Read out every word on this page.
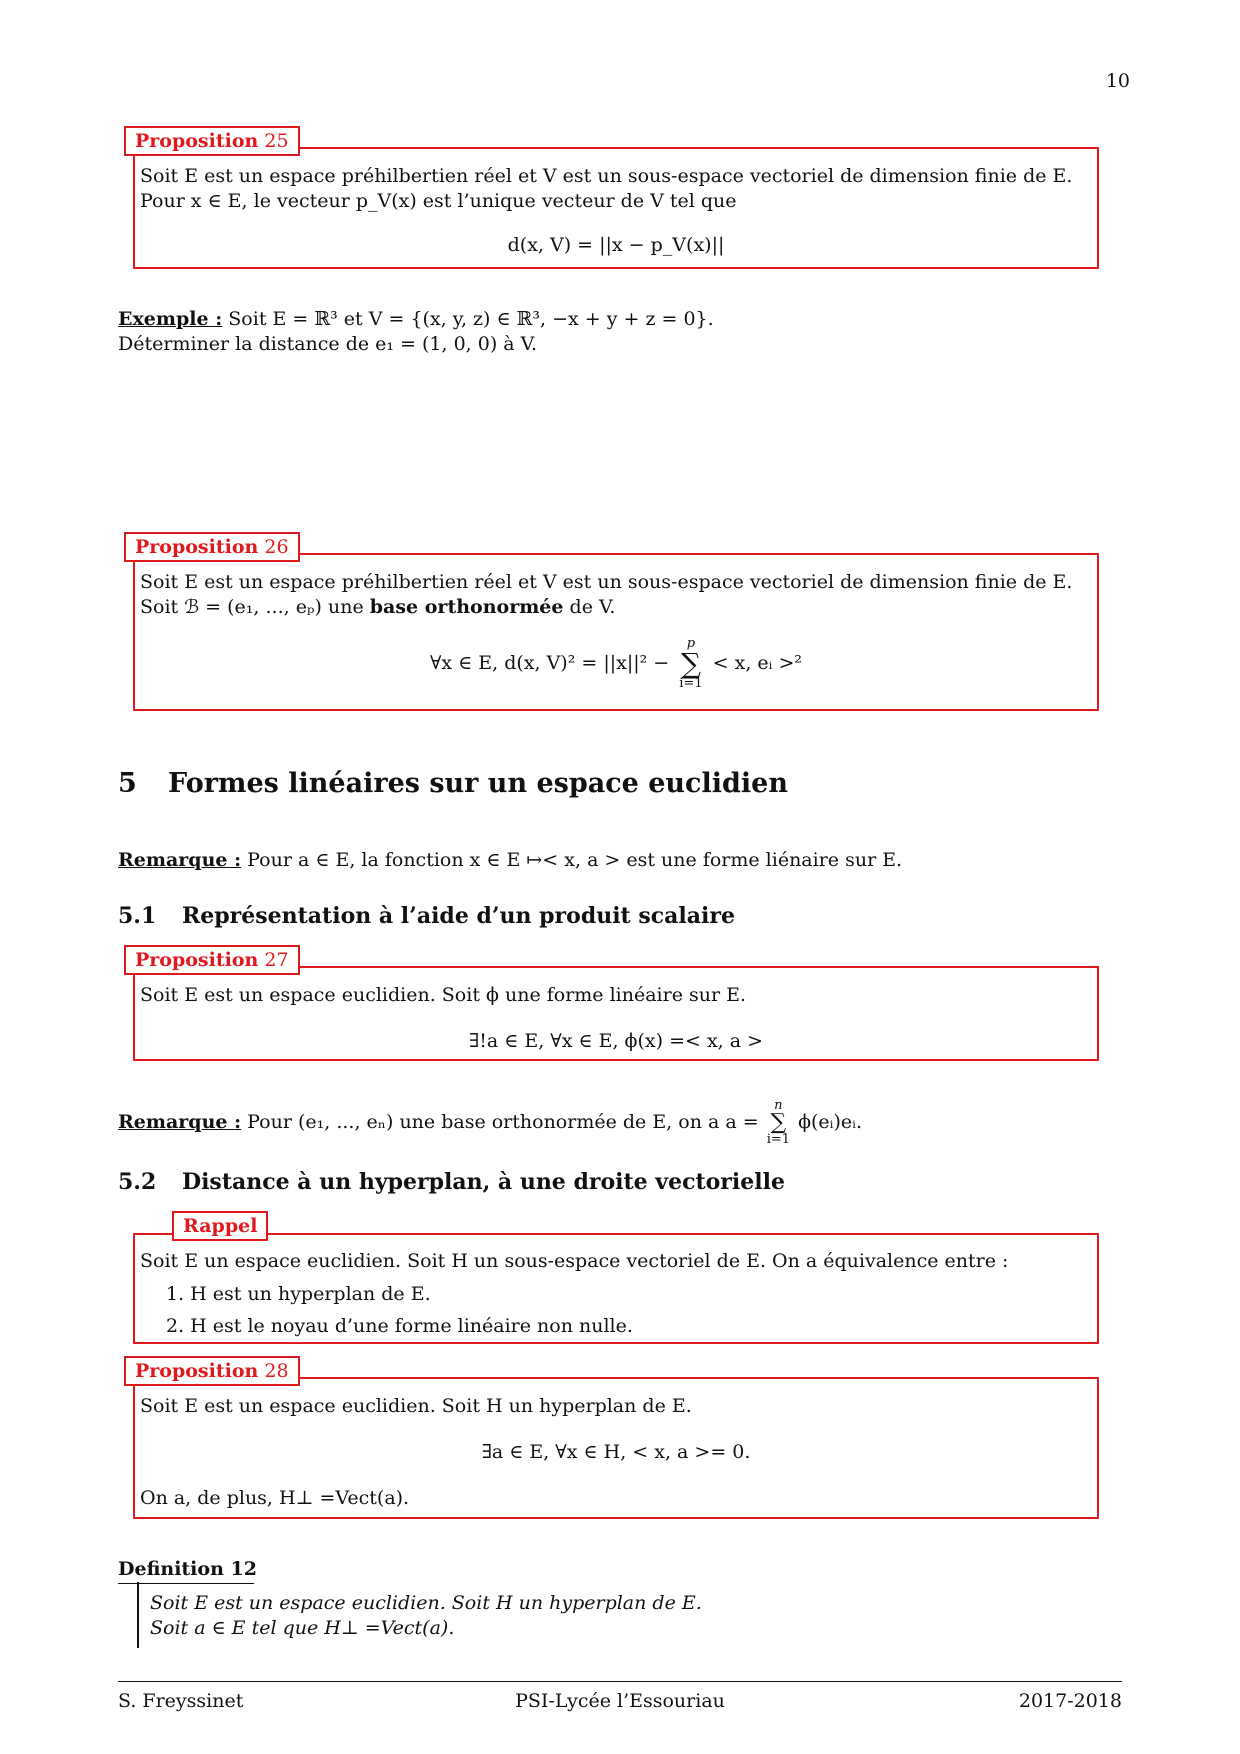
10
Proposition 25
Soit E est un espace préhilbertien réel et V est un sous-espace vectoriel de dimension finie de E.
Pour x ∈ E, le vecteur p_V(x) est l’unique vecteur de V tel que
d(x, V) = ||x − p_V(x)||
Exemple : Soit E = ℝ³ et V = {(x, y, z) ∈ ℝ³, −x + y + z = 0}.
Déterminer la distance de e₁ = (1, 0, 0) à V.
Proposition 26
Soit E est un espace préhilbertien réel et V est un sous-espace vectoriel de dimension finie de E.
Soit ℬ = (e₁, ..., eₚ) une base orthonormée de V.
∀x ∈ E, d(x, V)² = ||x||² −
p
∑
i=1
< x, eᵢ >²
5 Formes linéaires sur un espace euclidien
Remarque : Pour a ∈ E, la fonction x ∈ E ↦< x, a > est une forme liénaire sur E.
5.1 Représentation à l’aide d’un produit scalaire
Proposition 27
Soit E est un espace euclidien. Soit ϕ une forme linéaire sur E.
∃!a ∈ E, ∀x ∈ E, ϕ(x) =< x, a >
Remarque : Pour (e₁, ..., eₙ) une base orthonormée de E, on a a =
n
∑
i=1
ϕ(eᵢ)eᵢ.
5.2 Distance à un hyperplan, à une droite vectorielle
Rappel
Soit E un espace euclidien. Soit H un sous-espace vectoriel de E. On a équivalence entre :
1. H est un hyperplan de E.
2. H est le noyau d’une forme linéaire non nulle.
Proposition 28
Soit E est un espace euclidien. Soit H un hyperplan de E.
∃a ∈ E, ∀x ∈ H, < x, a >= 0.
On a, de plus, H⊥ =Vect(a).
Definition 12
Soit E est un espace euclidien. Soit H un hyperplan de E.
Soit a ∈ E tel que H⊥ =Vect(a).
S. Freyssinet	PSI-Lycée l’Essouriau	2017-2018
